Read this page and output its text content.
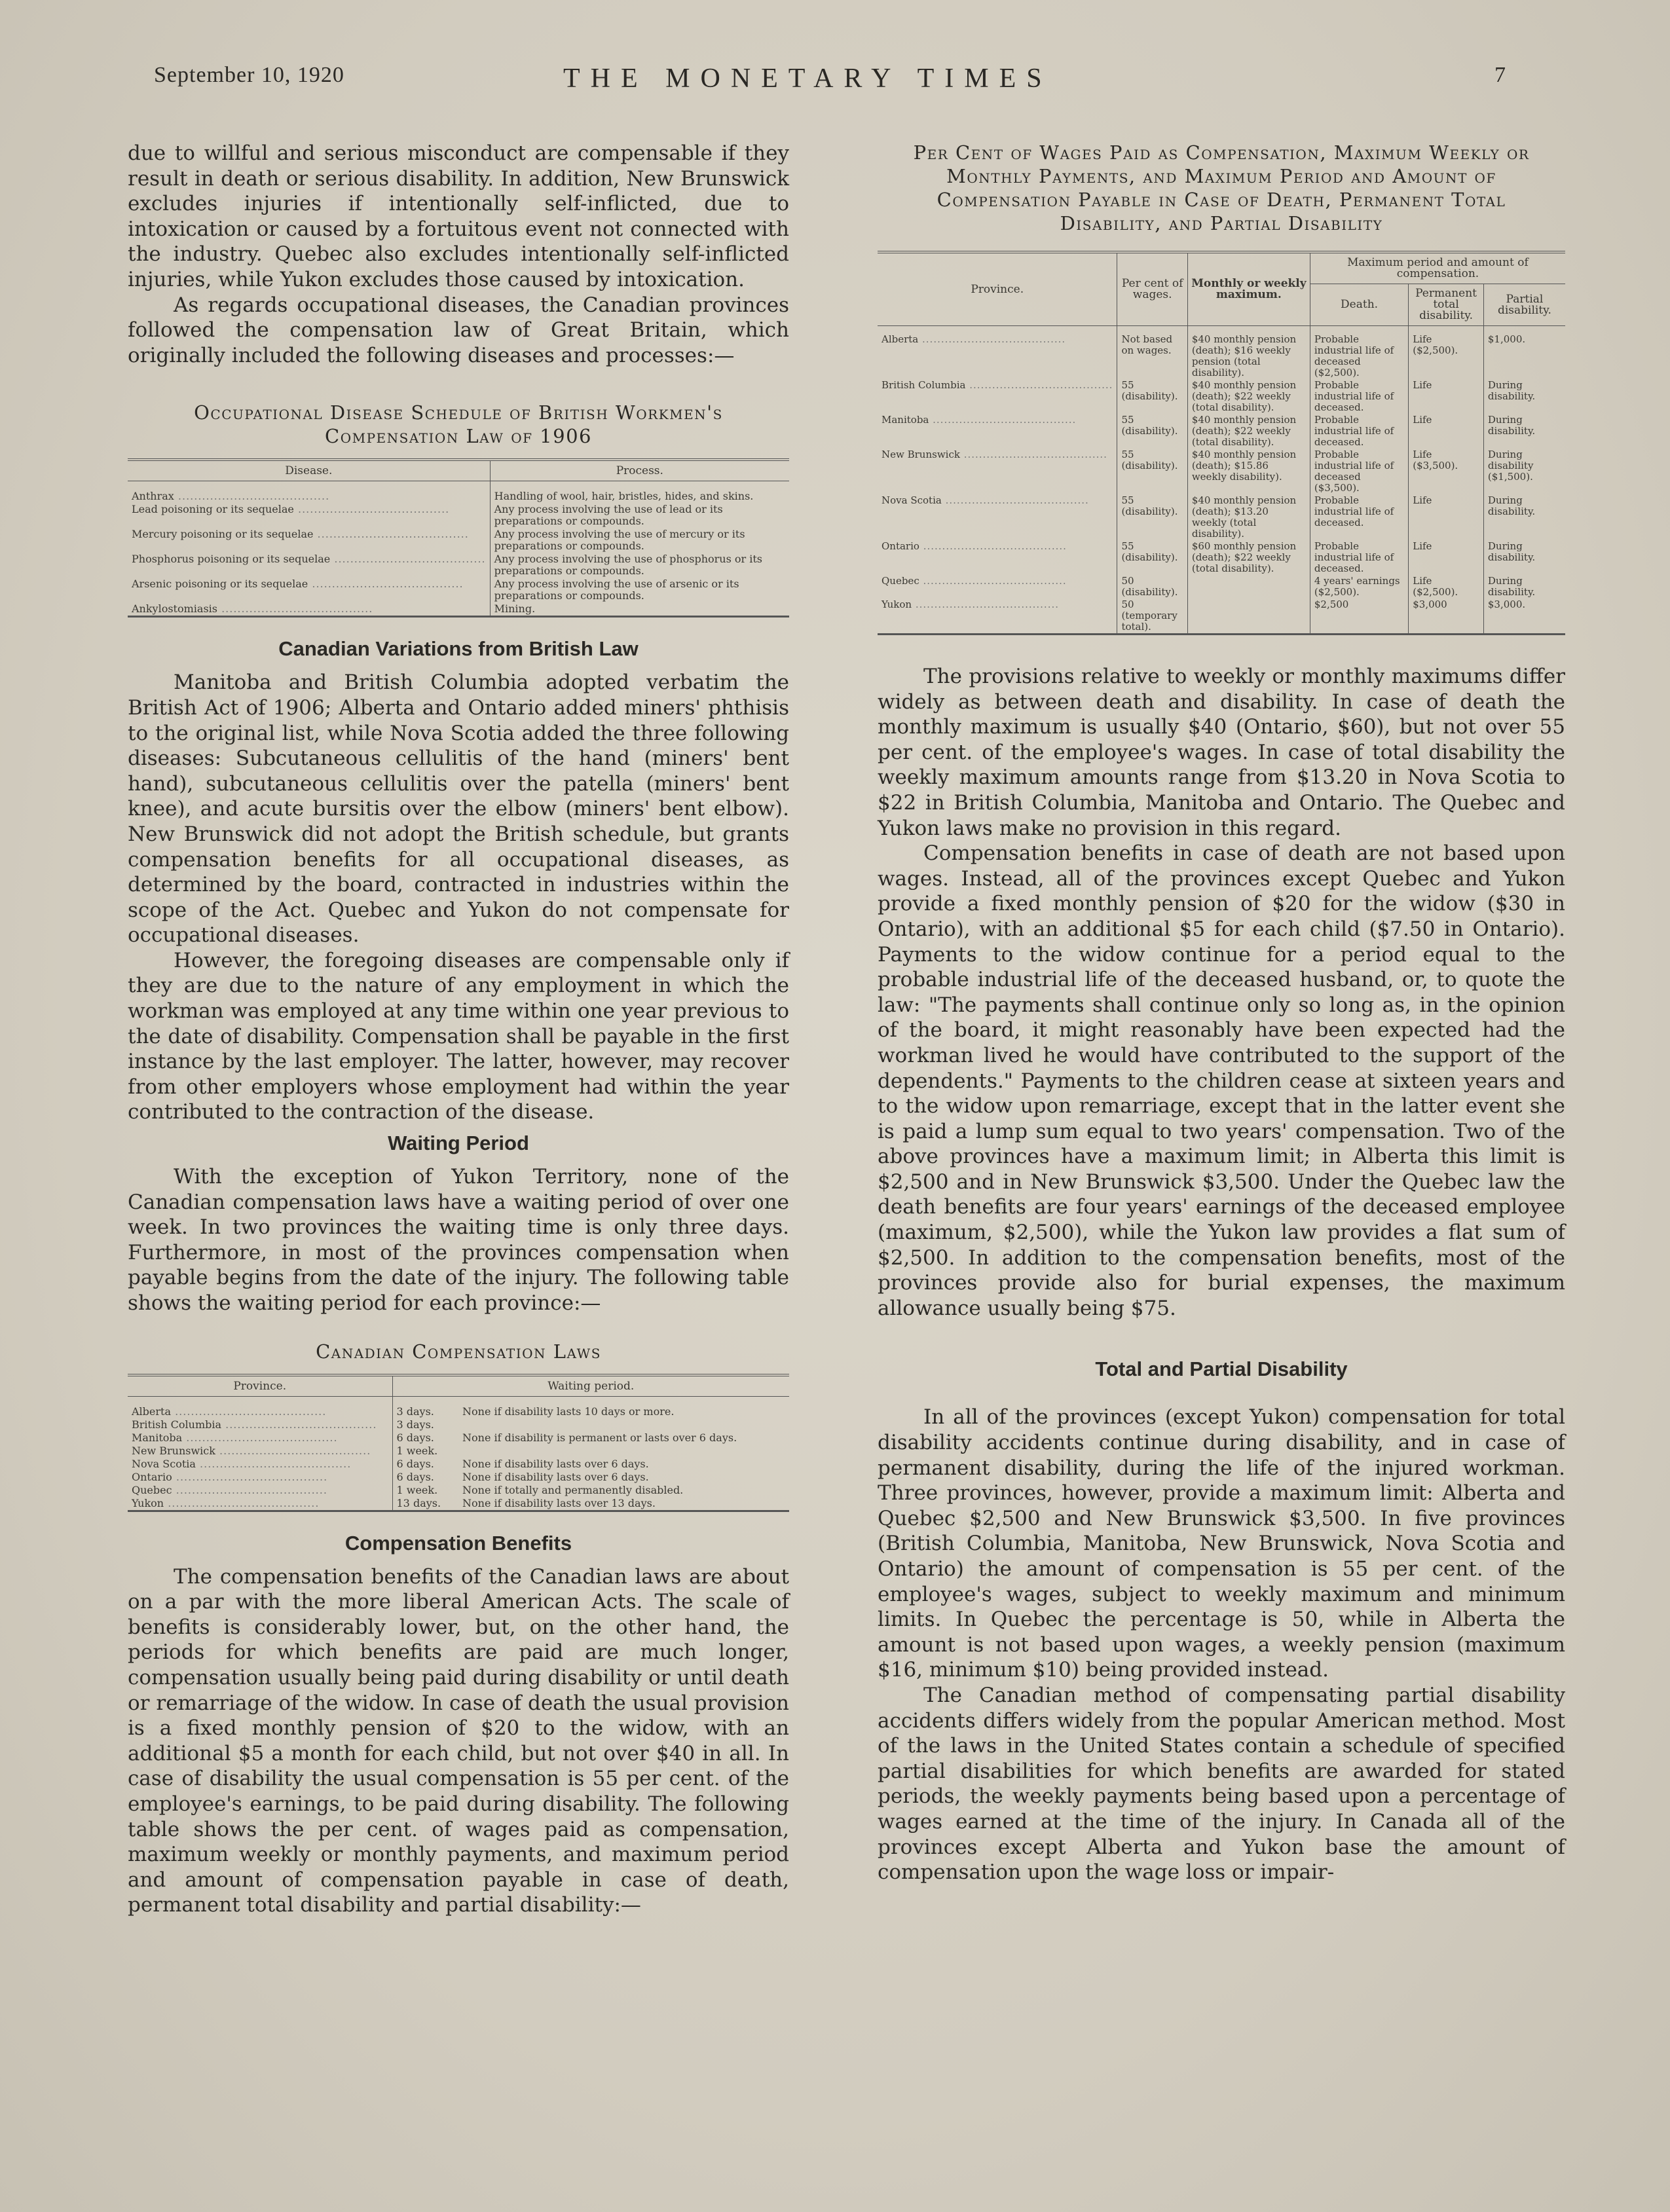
September 10, 1920	THE MONETARY TIMES	7

due to willful and serious misconduct are compensable if they result in death or serious disability. In addition, New Brunswick excludes injuries if intentionally self-inflicted, due to intoxication or caused by a fortuitous event not connected with the industry. Quebec also excludes intentionally self-inflicted injuries, while Yukon excludes those caused by intoxication.

As regards occupational diseases, the Canadian provinces followed the compensation law of Great Britain, which originally included the following diseases and processes:—

Occupational Disease Schedule of British Workmen's Compensation Law of 1906

Disease.	Process.
Anthrax .....	Handling of wool, hair, bristles, hides, and skins.
Lead poisoning or its sequelae .....	Any process involving the use of lead or its preparations or compounds.
Mercury poisoning or its sequelae .....	Any process involving the use of mercury or its preparations or compounds.
Phosphorus poisoning or its sequelae .....	Any process involving the use of phosphorus or its preparations or compounds.
Arsenic poisoning or its sequelae .....	Any process involving the use of arsenic or its preparations or compounds.
Ankylostomiasis .....	Mining.
Canadian Variations from British Law

Manitoba and British Columbia adopted verbatim the British Act of 1906; Alberta and Ontario added miners' phthisis to the original list, while Nova Scotia added the three following diseases: Subcutaneous cellulitis of the hand (miners' bent hand), subcutaneous cellulitis over the patella (miners' bent knee), and acute bursitis over the elbow (miners' bent elbow). New Brunswick did not adopt the British schedule, but grants compensation benefits for all occupational diseases, as determined by the board, contracted in industries within the scope of the Act. Quebec and Yukon do not compensate for occupational diseases.

However, the foregoing diseases are compensable only if they are due to the nature of any employment in which the workman was employed at any time within one year previous to the date of disability. Compensation shall be payable in the first instance by the last employer. The latter, however, may recover from other employers whose employment had within the year contributed to the contraction of the disease.

Waiting Period

With the exception of Yukon Territory, none of the Canadian compensation laws have a waiting period of over one week. In two provinces the waiting time is only three days. Furthermore, in most of the provinces compensation when payable begins from the date of the injury. The following table shows the waiting period for each province:—

Canadian Compensation Laws

Province.	Waiting period.	
Alberta .....	3 days.	None if disability lasts 10 days or more.
British Columbia .....	3 days.	
Manitoba .....	6 days.	None if disability is permanent or lasts over 6 days.
New Brunswick .....	1 week.	
Nova Scotia .....	6 days.	None if disability lasts over 6 days.
Ontario .....	6 days.	None if disability lasts over 6 days.
Quebec .....	1 week.	None if totally and permanently disabled.
Yukon .....	13 days.	None if disability lasts over 13 days.
Compensation Benefits

The compensation benefits of the Canadian laws are about on a par with the more liberal American Acts. The scale of benefits is considerably lower, but, on the other hand, the periods for which benefits are paid are much longer, compensation usually being paid during disability or until death or remarriage of the widow. In case of death the usual provision is a fixed monthly pension of $20 to the widow, with an additional $5 a month for each child, but not over $40 in all. In case of disability the usual compensation is 55 per cent. of the employee's earnings, to be paid during disability. The following table shows the per cent. of wages paid as compensation, maximum weekly or monthly payments, and maximum period and amount of compensation payable in case of death, permanent total disability and partial disability:—

Per Cent of Wages Paid as Compensation, Maximum Weekly or Monthly Payments, and Maximum Period and Amount of Compensation Payable in Case of Death, Permanent Total Disability, and Partial Disability

Province.	Per cent of wages.	Monthly or weekly maximum.	Maximum period and amount of compensation.		
			Death.	Permanent total disability.	Partial disability.
Alberta .....	Not based on wages.	$40 monthly pension (death); $16 weekly pension (total disability).	Probable industrial life of deceased ($2,500).	Life ($2,500).	$1,000.
British Columbia .....	55 (disability).	$40 monthly pension (death); $22 weekly (total disability).	Probable industrial life of deceased.	Life	During disability.
Manitoba .....	55 (disability).	$40 monthly pension (death); $22 weekly (total disability).	Probable industrial life of deceased.	Life	During disability.
New Brunswick .....	55 (disability).	$40 monthly pension (death); $15.86 weekly disability).	Probable industrial life of deceased ($3,500).	Life ($3,500).	During disability ($1,500).
Nova Scotia .....	55 (disability).	$40 monthly pension (death); $13.20 weekly (total disability).	Probable industrial life of deceased.	Life	During disability.
Ontario .....	55 (disability).	$60 monthly pension (death); $22 weekly (total disability).	Probable industrial life of deceased.	Life	During disability.
Quebec .....	50 (disability).		4 years' earnings ($2,500).	Life ($2,500).	During disability.
Yukon .....	50 (temporary total).		$2,500	$3,000	$3,000.

The provisions relative to weekly or monthly maximums differ widely as between death and disability. In case of death the monthly maximum is usually $40 (Ontario, $60), but not over 55 per cent. of the employee's wages. In case of total disability the weekly maximum amounts range from $13.20 in Nova Scotia to $22 in British Columbia, Manitoba and Ontario. The Quebec and Yukon laws make no provision in this regard.

Compensation benefits in case of death are not based upon wages. Instead, all of the provinces except Quebec and Yukon provide a fixed monthly pension of $20 for the widow ($30 in Ontario), with an additional $5 for each child ($7.50 in Ontario). Payments to the widow continue for a period equal to the probable industrial life of the deceased husband, or, to quote the law: "The payments shall continue only so long as, in the opinion of the board, it might reasonably have been expected had the workman lived he would have contributed to the support of the dependents." Payments to the children cease at sixteen years and to the widow upon remarriage, except that in the latter event she is paid a lump sum equal to two years' compensation. Two of the above provinces have a maximum limit; in Alberta this limit is $2,500 and in New Brunswick $3,500. Under the Quebec law the death benefits are four years' earnings of the deceased employee (maximum, $2,500), while the Yukon law provides a flat sum of $2,500. In addition to the compensation benefits, most of the provinces provide also for burial expenses, the maximum allowance usually being $75.

Total and Partial Disability

In all of the provinces (except Yukon) compensation for total disability accidents continue during disability, and in case of permanent disability, during the life of the injured workman. Three provinces, however, provide a maximum limit: Alberta and Quebec $2,500 and New Brunswick $3,500. In five provinces (British Columbia, Manitoba, New Brunswick, Nova Scotia and Ontario) the amount of compensation is 55 per cent. of the employee's wages, subject to weekly maximum and minimum limits. In Quebec the percentage is 50, while in Alberta the amount is not based upon wages, a weekly pension (maximum $16, minimum $10) being provided instead.

The Canadian method of compensating partial disability accidents differs widely from the popular American method. Most of the laws in the United States contain a schedule of specified partial disabilities for which benefits are awarded for stated periods, the weekly payments being based upon a percentage of wages earned at the time of the injury. In Canada all of the provinces except Alberta and Yukon base the amount of compensation upon the wage loss or impair-
